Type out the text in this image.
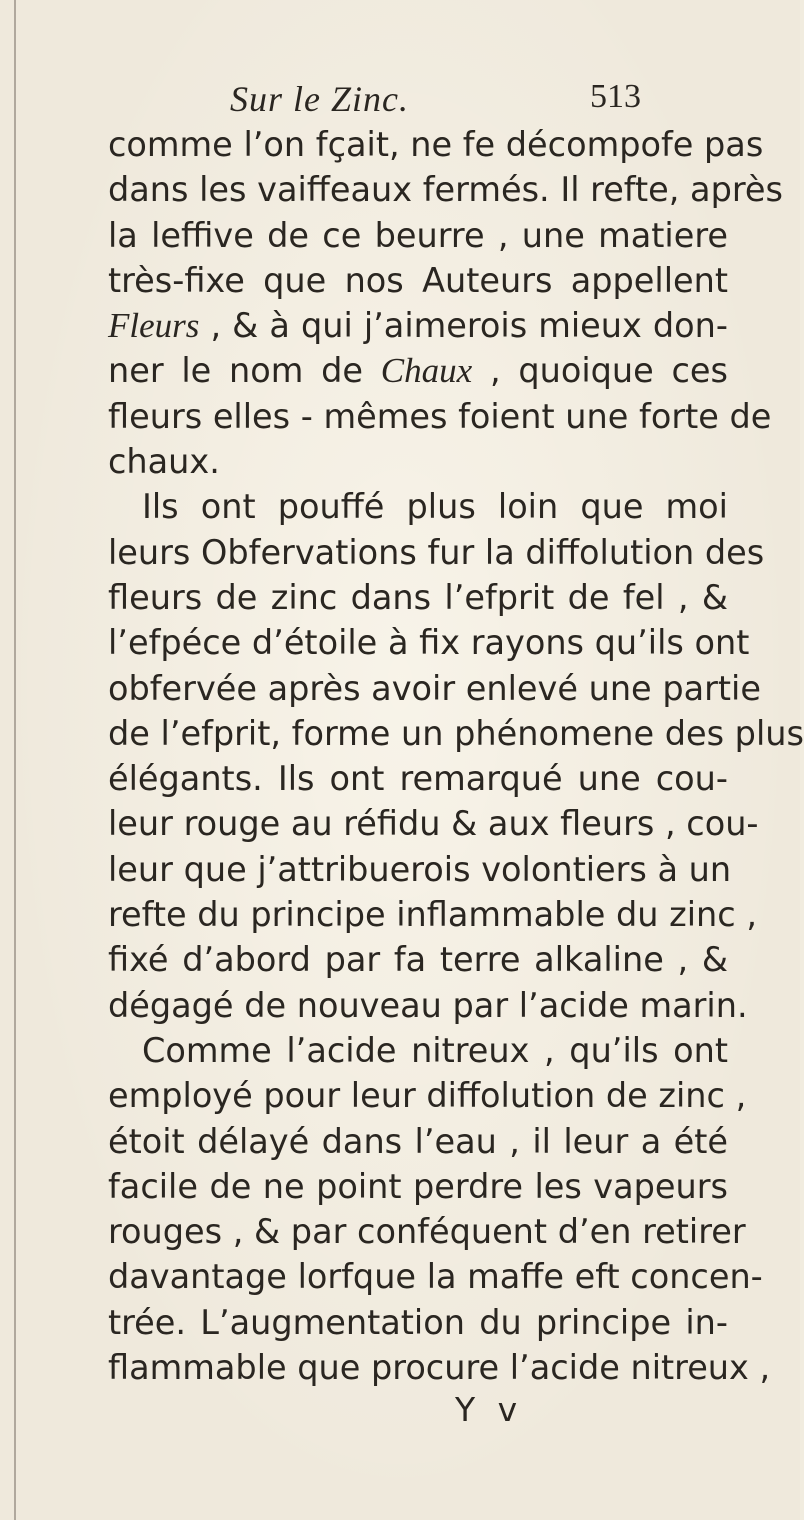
Sur le Zinc.	513
comme l’on fçait, ne fe décompofe pas
dans les vaiffeaux fermés. Il refte, après
la leffive de ce beurre , une matiere
très-fixe que nos Auteurs appellent
Fleurs , & à qui j’aimerois mieux don-
ner le nom de Chaux , quoique ces
fleurs elles - mêmes foient une forte de
chaux.
Ils ont pouffé plus loin que moi
leurs Obfervations fur la diffolution des
fleurs de zinc dans l’efprit de fel , &
l’efpéce d’étoile à fix rayons qu’ils ont
obfervée après avoir enlevé une partie
de l’efprit, forme un phénomene des plus
élégants. Ils ont remarqué une cou-
leur rouge au réfidu & aux fleurs , cou-
leur que j’attribuerois volontiers à un
refte du principe inflammable du zinc ,
fixé d’abord par fa terre alkaline , &
dégagé de nouveau par l’acide marin.
Comme l’acide nitreux , qu’ils ont
employé pour leur diffolution de zinc ,
étoit délayé dans l’eau , il leur a été
facile de ne point perdre les vapeurs
rouges , & par conféquent d’en retirer
davantage lorfque la maffe eft concen-
trée. L’augmentation du principe in-
flammable que procure l’acide nitreux ,
Y v
